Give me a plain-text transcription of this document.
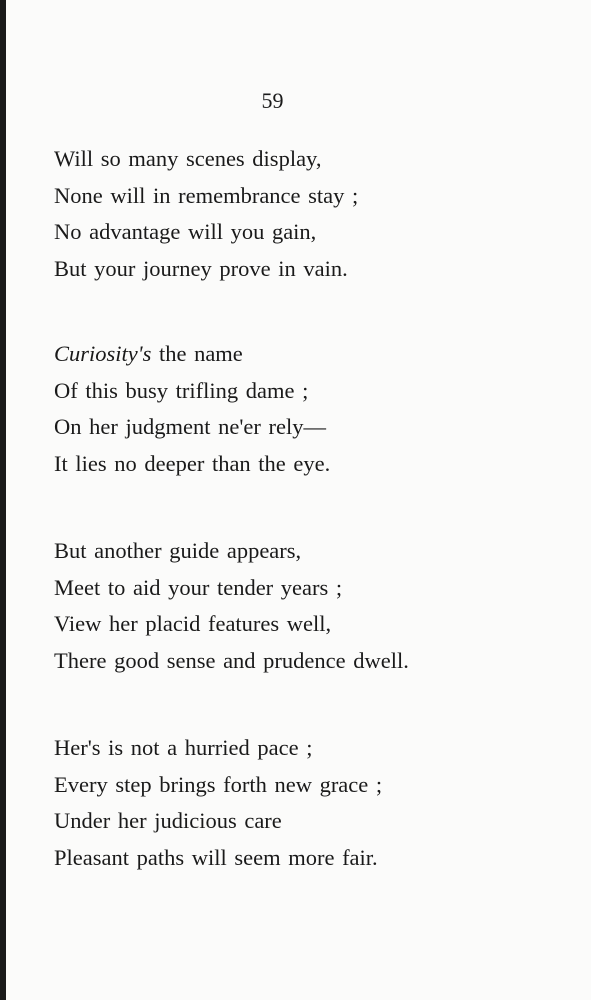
59
Will so many scenes display,
None will in remembrance stay ;
No advantage will you gain,
But your journey prove in vain.
Curiosity's the name
Of this busy trifling dame ;
On her judgment ne'er rely—
It lies no deeper than the eye.
But another guide appears,
Meet to aid your tender years ;
View her placid features well,
There good sense and prudence dwell.
Her's is not a hurried pace ;
Every step brings forth new grace ;
Under her judicious care
Pleasant paths will seem more fair.
